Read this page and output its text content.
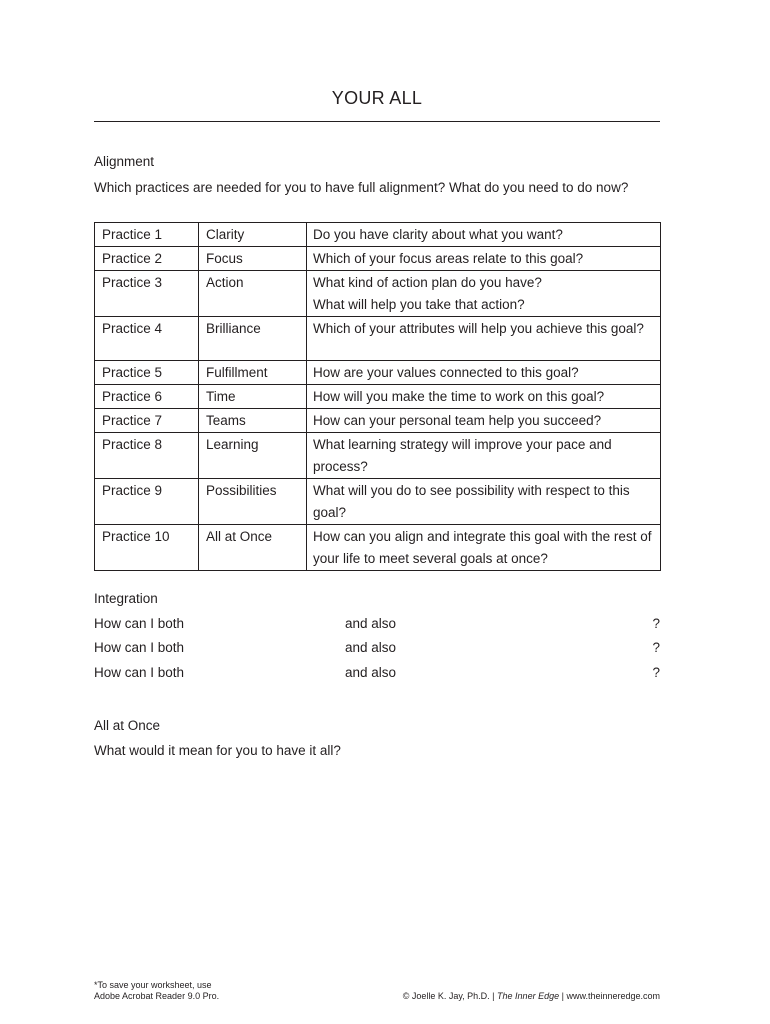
YOUR ALL
Alignment
Which practices are needed for you to have full alignment? What do you need to do now?
Practice 1	Clarity	Do you have clarity about what you want?

Practice 2	Focus	Which of your focus areas relate to this goal?

Practice 3	Action	What kind of action plan do you have? What will help you take that action?

Practice 4	Brilliance	Which of your attributes will help you achieve this goal?

Practice 5	Fulfillment	How are your values connected to this goal?

Practice 6	Time	How will you make the time to work on this goal?

Practice 7	Teams	How can your personal team help you succeed?

Practice 8	Learning	What learning strategy will improve your pace and process?

Practice 9	Possibilities	What will you do to see possibility with respect to this goal?

Practice 10	All at Once	How can you align and integrate this goal with the rest of your life to meet several goals at once?
Integration
How can I both	and also	?
How can I both	and also	?
How can I both	and also	?
All at Once
What would it mean for you to have it all?
*To save your worksheet, use
Adobe Acrobat Reader 9.0 Pro.	© Joelle K. Jay, Ph.D. | The Inner Edge | www.theinneredge.com
